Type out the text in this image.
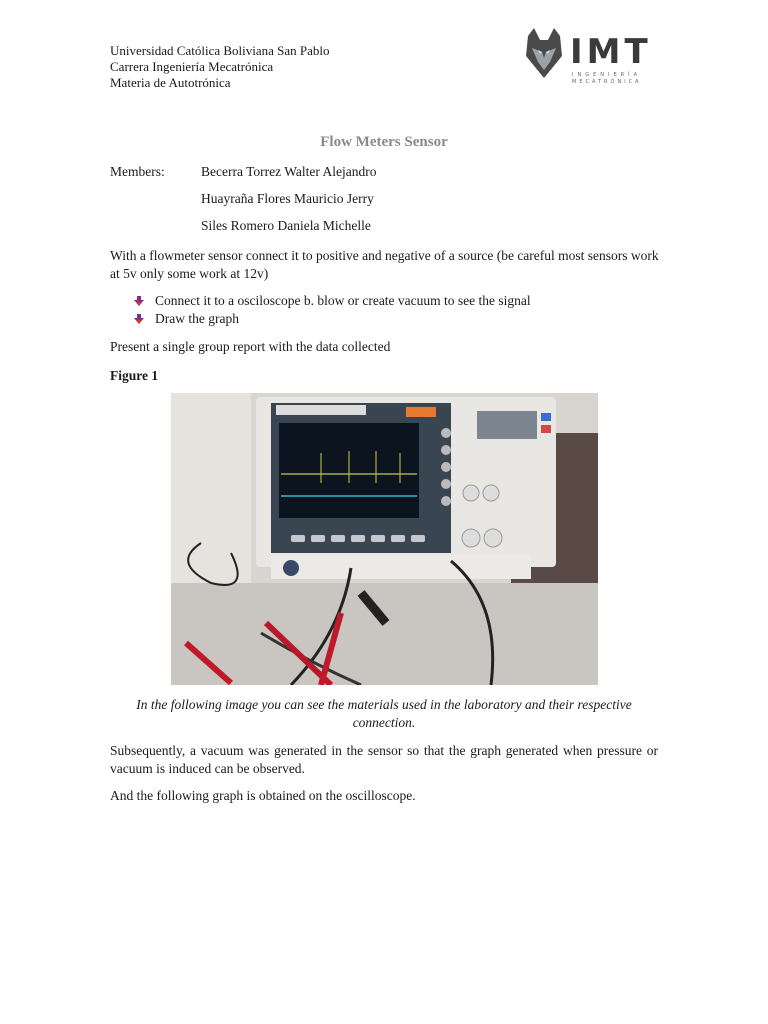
Universidad Católica Boliviana San Pablo
Carrera Ingeniería Mecatrónica
Materia de Autotrónica
IMT
INGENIERÍA
MECATRÓNICA
Flow Meters Sensor
Members:	Becerra Torrez Walter Alejandro
Huayraña Flores Mauricio Jerry
Siles Romero Daniela Michelle
With a flowmeter sensor connect it to positive and negative of a source (be careful most sensors work at 5v only some work at 12v)
Connect it to a osciloscope b. blow or create vacuum to see the signal
Draw the graph
Present a single group report with the data collected
Figure 1
In the following image you can see the materials used in the laboratory and their respective connection.
Subsequently, a vacuum was generated in the sensor so that the graph generated when pressure or vacuum is induced can be observed.
And the following graph is obtained on the oscilloscope.
